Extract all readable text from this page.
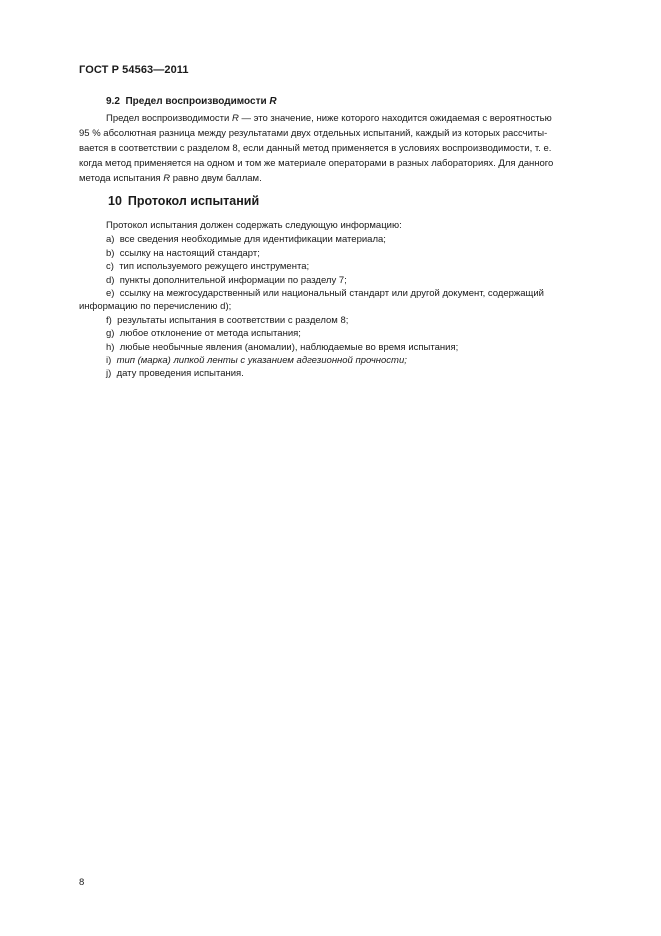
ГОСТ Р 54563—2011
9.2 Предел воспроизводимости R
Предел воспроизводимости R — это значение, ниже которого находится ожидаемая с вероятностью
95 % абсолютная разница между результатами двух отдельных испытаний, каждый из которых рассчиты-
вается в соответствии с разделом 8, если данный метод применяется в условиях воспроизводимости, т. е.
когда метод применяется на одном и том же материале операторами в разных лабораториях. Для данного
метода испытания R равно двум баллам.
10 Протокол испытаний
Протокол испытания должен содержать следующую информацию:
a) все сведения необходимые для идентификации материала;
b) ссылку на настоящий стандарт;
c) тип используемого режущего инструмента;
d) пункты дополнительной информации по разделу 7;
e) ссылку на межгосударственный или национальный стандарт или другой документ, содержащий
информацию по перечислению d);
f) результаты испытания в соответствии с разделом 8;
g) любое отклонение от метода испытания;
h) любые необычные явления (аномалии), наблюдаемые во время испытания;
i) тип (марка) липкой ленты с указанием адгезионной прочности;
j) дату проведения испытания.
8
